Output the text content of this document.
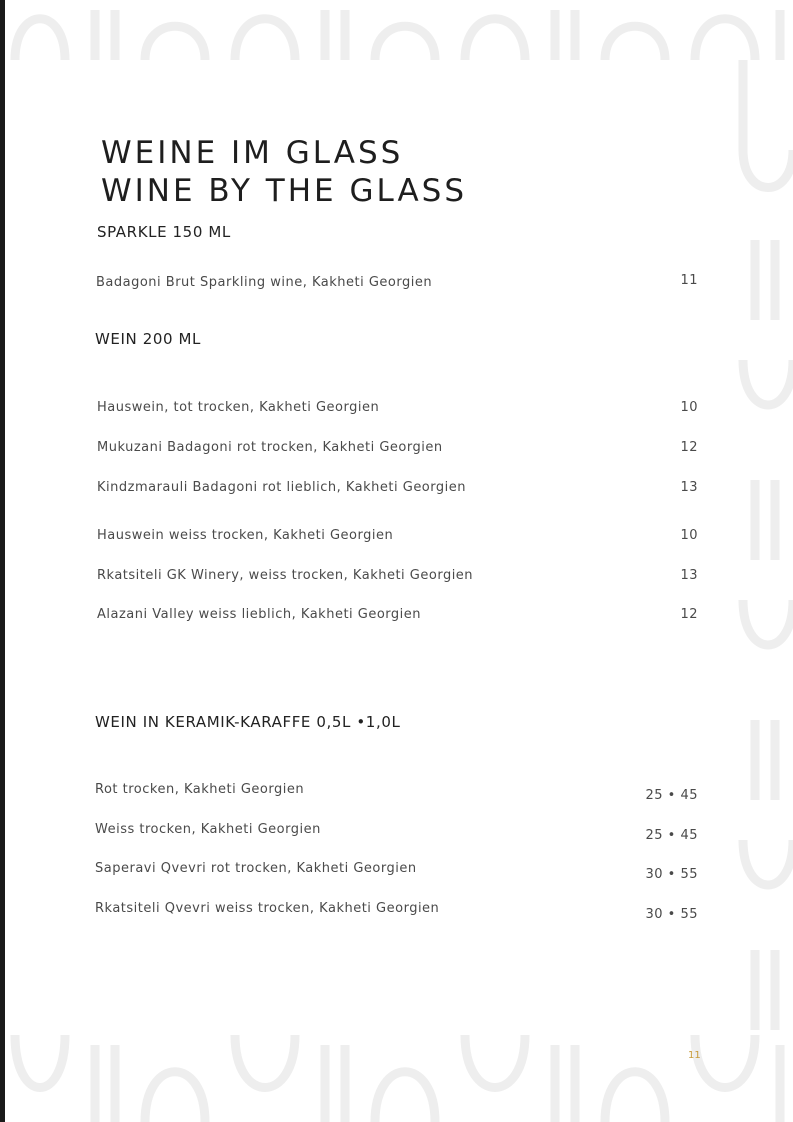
WEINE IM GLASS
WINE BY THE GLASS
SPARKLE 150 ML
Badagoni Brut Sparkling wine, Kakheti Georgien	11
WEIN 200 ML
Hauswein, tot trocken, Kakheti Georgien	10
Mukuzani Badagoni rot trocken, Kakheti Georgien	12
Kindzmarauli Badagoni rot lieblich, Kakheti Georgien	13
Hauswein weiss trocken, Kakheti Georgien	10
Rkatsiteli GK Winery, weiss trocken, Kakheti Georgien	13
Alazani Valley weiss lieblich, Kakheti Georgien	12
WEIN IN KERAMIK-KARAFFE 0,5L •1,0L
Rot trocken, Kakheti Georgien	25 • 45
Weiss trocken, Kakheti Georgien	25 • 45
Saperavi Qvevri rot trocken, Kakheti Georgien	30 • 55
Rkatsiteli Qvevri weiss trocken, Kakheti Georgien	30 • 55
11
